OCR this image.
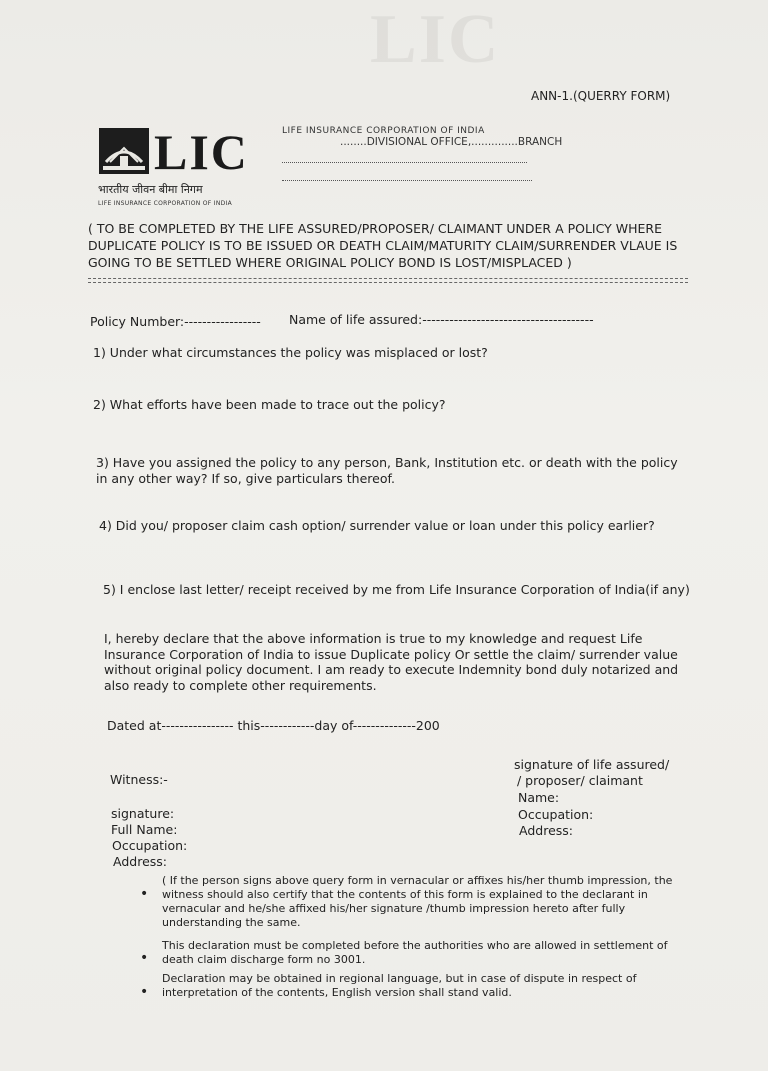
LIC
ANN-1.(QUERRY FORM)
LIC
भारतीय जीवन बीमा निगम
LIFE INSURANCE CORPORATION OF INDIA
LIFE INSURANCE CORPORATION OF INDIA
........DIVISIONAL OFFICE,..............BRANCH
( TO BE COMPLETED BY THE LIFE ASSURED/PROPOSER/ CLAIMANT UNDER A POLICY WHERE DUPLICATE POLICY IS TO BE ISSUED OR DEATH CLAIM/MATURITY CLAIM/SURRENDER VLAUE IS GOING TO BE SETTLED WHERE ORIGINAL POLICY BOND IS LOST/MISPLACED )
Policy Number:----------------- Name of life assured:--------------------------------------
1) Under what circumstances the policy was misplaced or lost?
2) What efforts have been made to trace out the policy?
3) Have you assigned the policy to any person, Bank, Institution etc. or death with the policy in any other way? If so, give particulars thereof.
4) Did you/ proposer claim cash option/ surrender value or loan under this policy earlier?
5) I enclose last letter/ receipt received by me from Life Insurance Corporation of India(if any)
I, hereby declare that the above information is true to my knowledge and request Life Insurance Corporation of India to issue Duplicate policy Or settle the claim/ surrender value without original policy document. I am ready to execute Indemnity bond duly notarized and also ready to complete other requirements.
Dated at---------------- this------------day of--------------200
Witness:-
signature:
Full Name:
Occupation:
Address:
signature of life assured/
/ proposer/ claimant
Name:
Occupation:
Address:
•
( If the person signs above query form in vernacular or affixes his/her thumb impression, the witness should also certify that the contents of this form is explained to the declarant in vernacular and he/she affixed his/her signature /thumb impression hereto after fully understanding the same.
•
This declaration must be completed before the authorities who are allowed in settlement of death claim discharge form no 3001.
•
Declaration may be obtained in regional language, but in case of dispute in respect of interpretation of the contents, English version shall stand valid.
